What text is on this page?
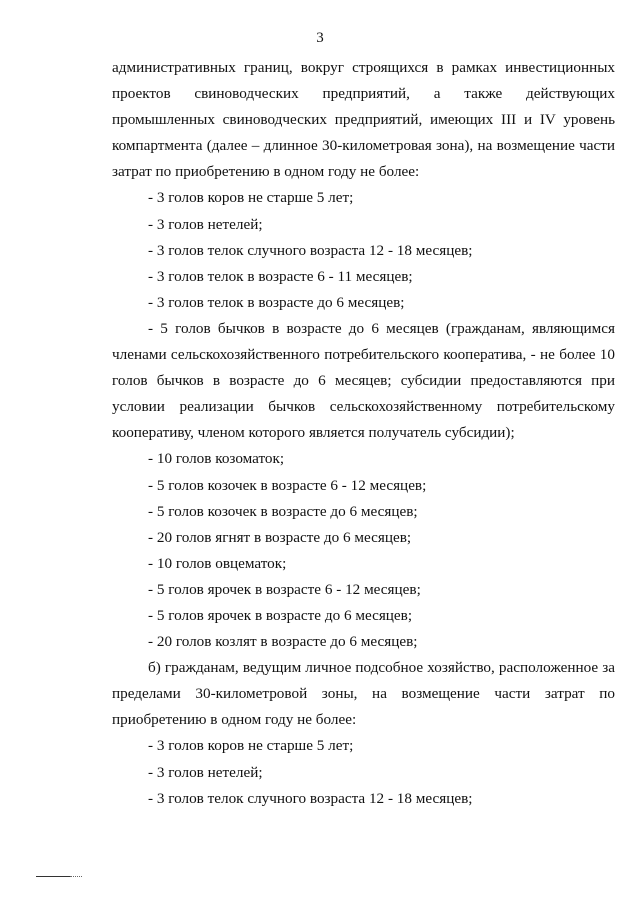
3
административных границ, вокруг строящихся в рамках инвестиционных
проектов свиноводческих предприятий, а также действующих
промышленных свиноводческих предприятий, имеющих III и IV уровень
компартмента (далее – длинное 30-километровая зона), на возмещение части
затрат по приобретению в одном году не более:
- 3 голов коров не старше 5 лет;
- 3 голов нетелей;
- 3 голов телок случного возраста 12 - 18 месяцев;
- 3 голов телок в возрасте 6 - 11 месяцев;
- 3 голов телок в возрасте до 6 месяцев;
- 5 голов бычков в возрасте до 6 месяцев (гражданам, являющимся
членами сельскохозяйственного потребительского кооператива, - не более 10
голов бычков в возрасте до 6 месяцев; субсидии предоставляются при
условии реализации бычков сельскохозяйственному потребительскому
кооперативу, членом которого является получатель субсидии);
- 10 голов козоматок;
- 5 голов козочек в возрасте 6 - 12 месяцев;
- 5 голов козочек в возрасте до 6 месяцев;
- 20 голов ягнят в возрасте до 6 месяцев;
- 10 голов овцематок;
- 5 голов ярочек в возрасте 6 - 12 месяцев;
- 5 голов ярочек в возрасте до 6 месяцев;
- 20 голов козлят в возрасте до 6 месяцев;
б) гражданам, ведущим личное подсобное хозяйство, расположенное за
пределами 30-километровой зоны, на возмещение части затрат по
приобретению в одном году не более:
- 3 голов коров не старше 5 лет;
- 3 голов нетелей;
- 3 голов телок случного возраста 12 - 18 месяцев;
